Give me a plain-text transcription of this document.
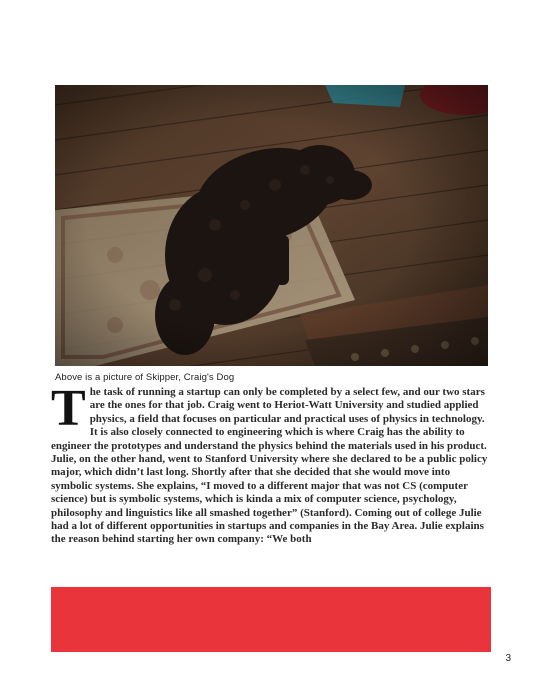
Above is a picture of Skipper, Craig's Dog

The task of running a startup can only be completed by a select few, and our two stars are the ones for that job. Craig went to Heriot-Watt University and studied applied physics, a field that focuses on particular and practical uses of physics in technology. It is also closely connected to engineering which is where Craig has the ability to engineer the prototypes and understand the physics behind the materials used in his product.

Julie, on the other hand, went to Stanford University where she declared to be a public policy major, which didn’t last long. Shortly after that she decided that she would move into symbolic systems. She explains, “I moved to a different major that was not CS (computer science) but is symbolic systems, which is kinda a mix of computer science, psychology, philosophy and linguistics like all smashed together” (Stanford). Coming out of college Julie had a lot of different opportunities in startups and companies in the Bay Area. Julie explains the reason behind starting her own company: “We both

3
